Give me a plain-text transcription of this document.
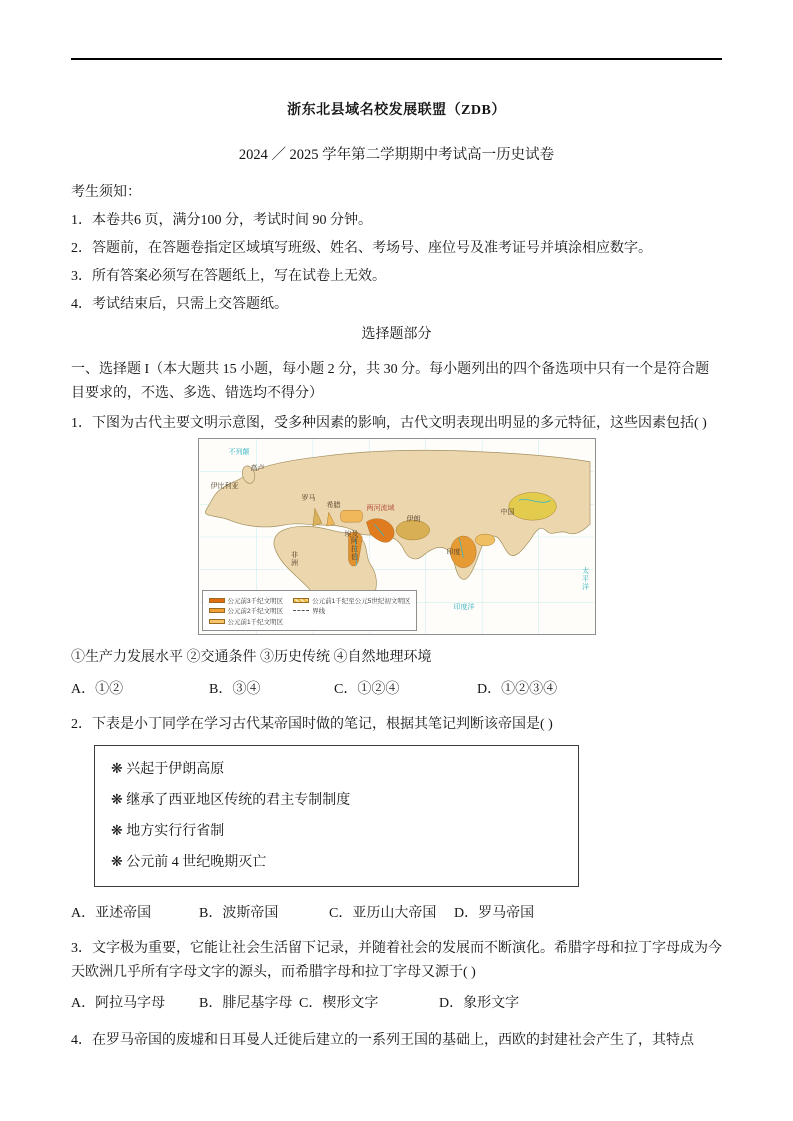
浙东北县域名校发展联盟（ZDB）
2024 ／ 2025 学年第二学期期中考试高一历史试卷
考生须知：
1．本卷共6 页，满分100 分，考试时间 90 分钟。
2．答题前，在答题卷指定区域填写班级、姓名、考场号、座位号及准考证号并填涂相应数字。
3．所有答案必须写在答题纸上，写在试卷上无效。
4．考试结束后，只需上交答题纸。
选择题部分
一、选择题 I（本大题共 15 小题，每小题 2 分，共 30 分。每小题列出的四个备选项中只有一个是符合题目要求的，不选、多选、错选均不得分）
1．下图为古代主要文明示意图，受多种因素的影响，古代文明表现出明显的多元特征，这些因素包括( )
不列颠
高卢
伊比利亚
罗马
希腊	两河流域
埃及
伊朗
阿拉伯	印度
中国
非洲
印度洋
太平洋
公元前3千纪文明区
公元前2千纪文明区
公元前1千纪文明区
公元前1千纪至公元5世纪初文明区
界线
①生产力发展水平 ②交通条件 ③历史传统 ④自然地理环境
A．①②	B．③④	C．①②④	D．①②③④
2．下表是小丁同学在学习古代某帝国时做的笔记，根据其笔记判断该帝国是( )
❋ 兴起于伊朗高原
❋ 继承了西亚地区传统的君主专制制度
❋ 地方实行行省制
❋ 公元前 4 世纪晚期灭亡
A．亚述帝国	B．波斯帝国	C．亚历山大帝国	D．罗马帝国
3．文字极为重要，它能让社会生活留下记录，并随着社会的发展而不断演化。希腊字母和拉丁字母成为今天欧洲几乎所有字母文字的源头，而希腊字母和拉丁字母又源于( )
A．阿拉马字母	B．腓尼基字母 C．楔形文字	D．象形文字
4．在罗马帝国的废墟和日耳曼人迁徙后建立的一系列王国的基础上，西欧的封建社会产生了，其特点
